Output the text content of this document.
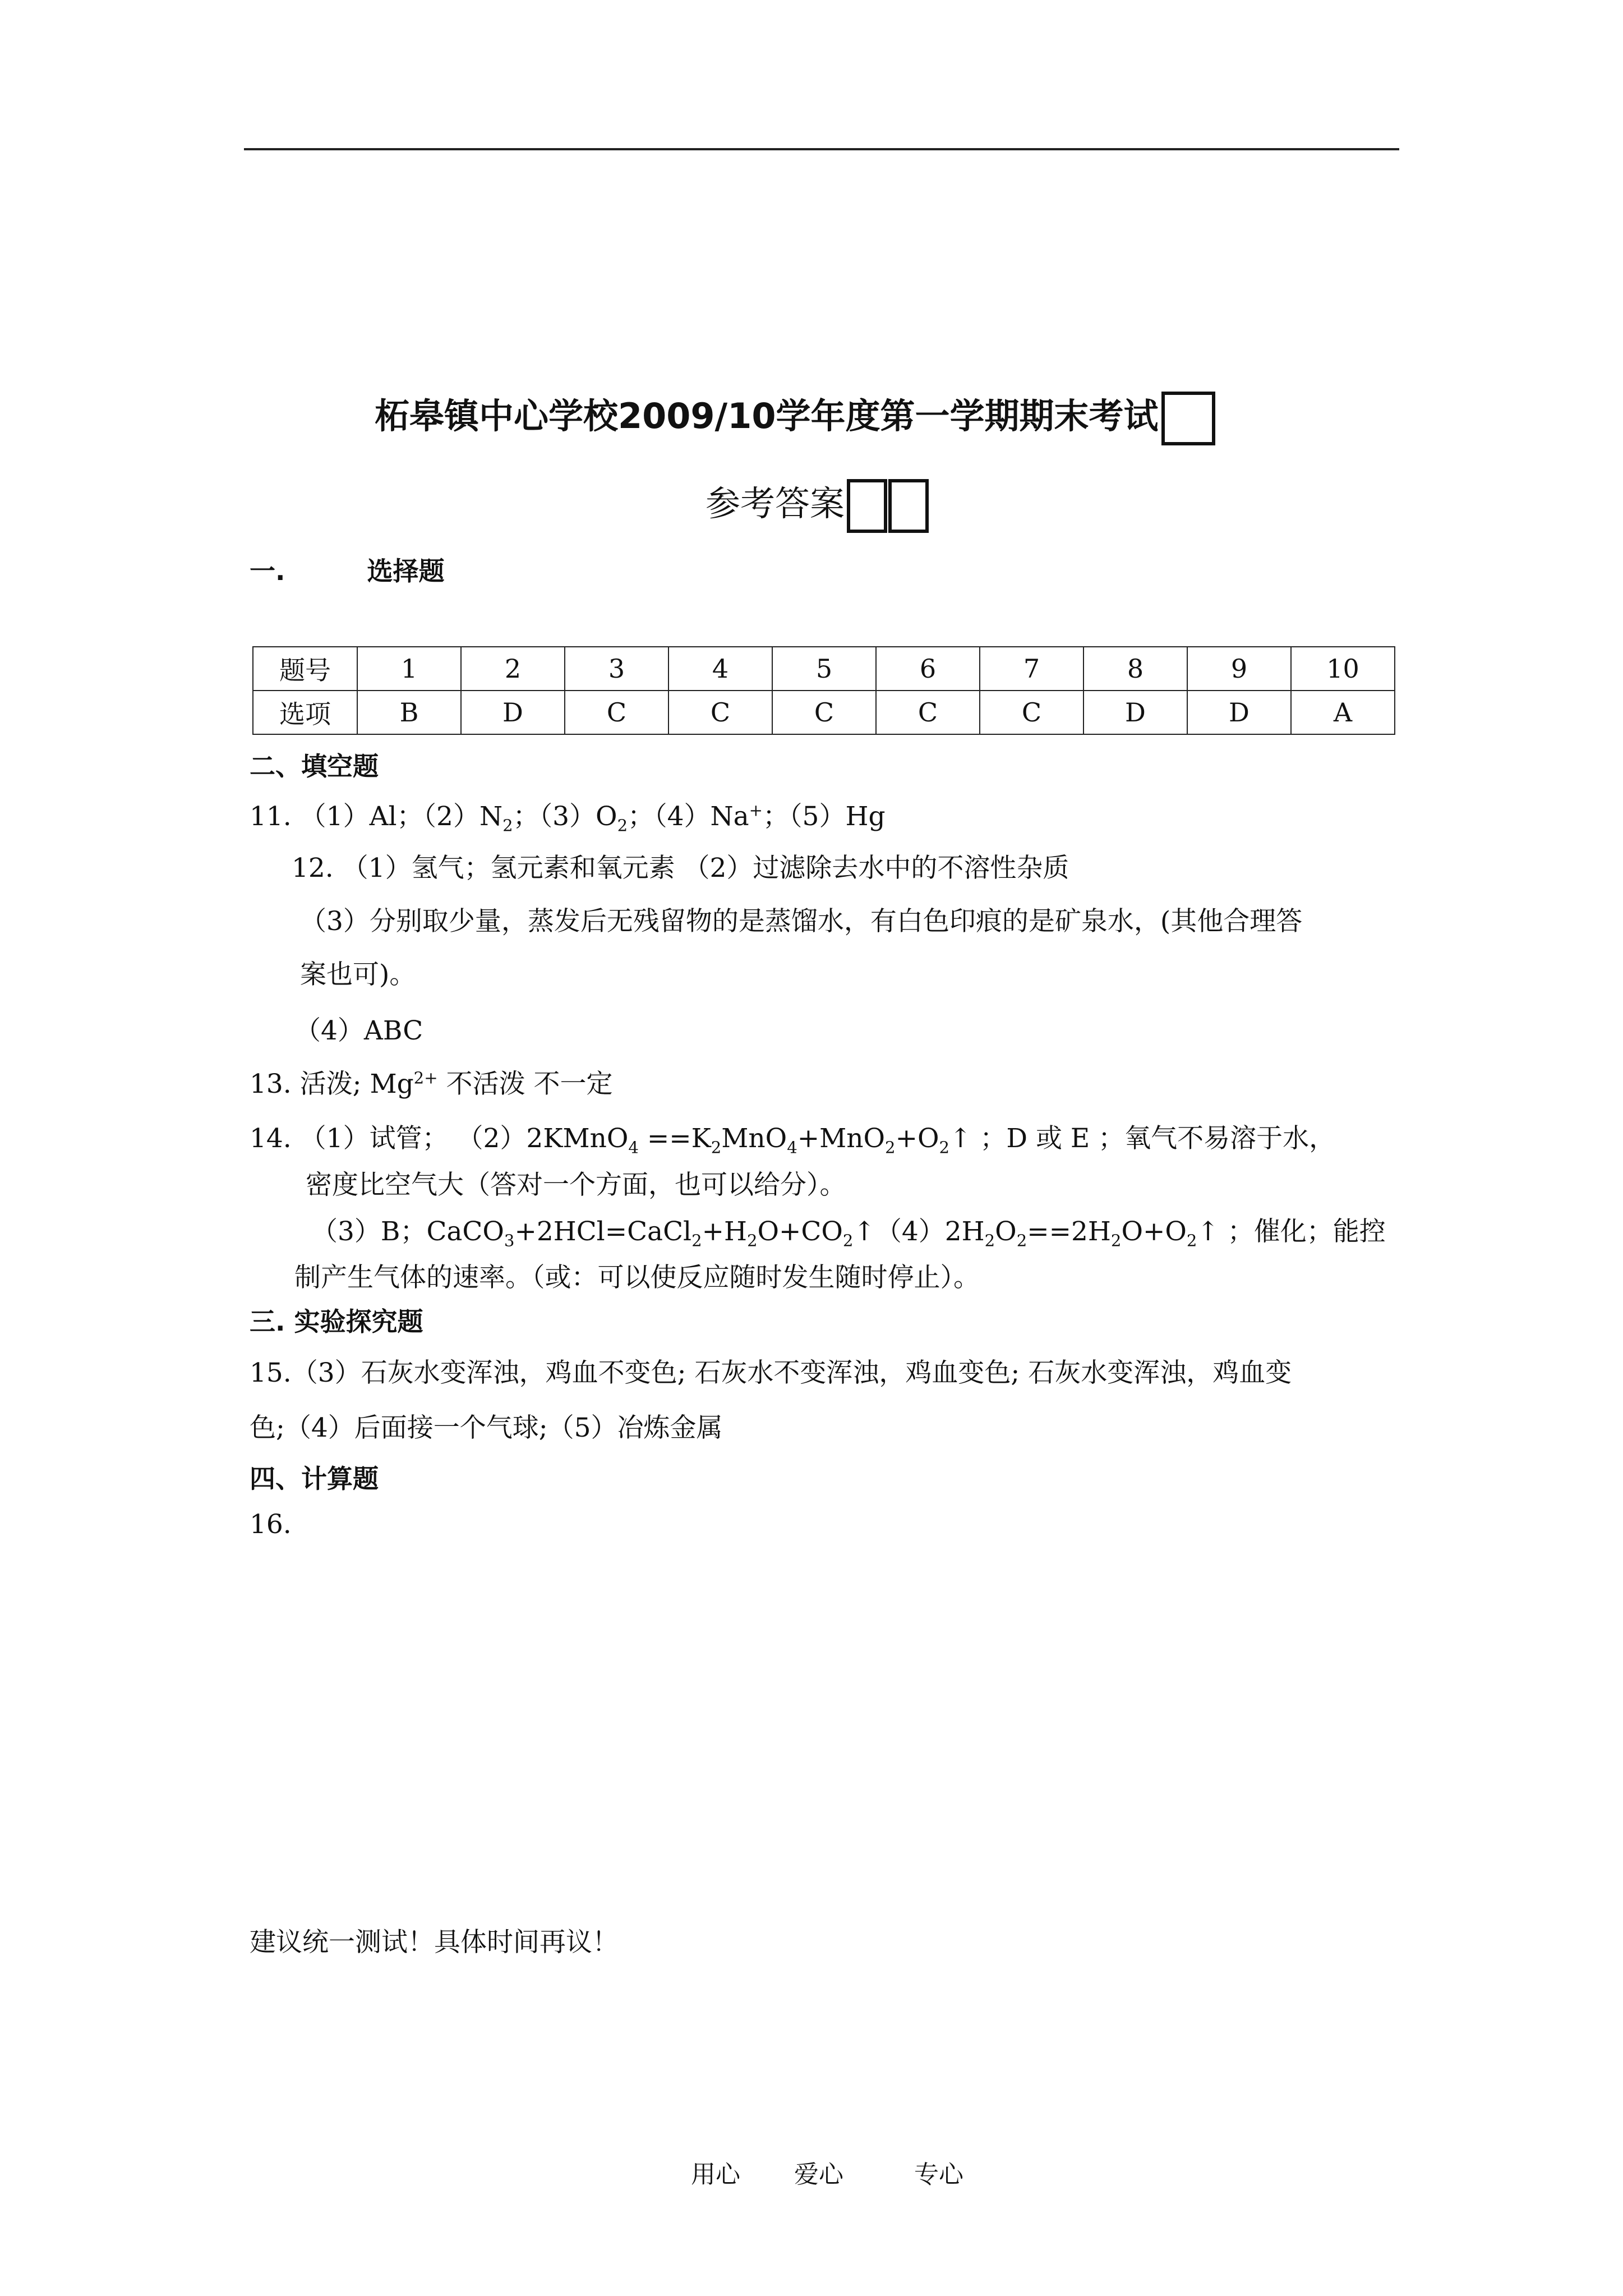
柘皋镇中心学校2009/10学年度第一学期期末考试
参考答案
一.	选择题
题号	1	2	3	4	5	6	7	8	9	10
选项	B	D	C	C	C	C	C	D	D	A
二、填空题
11. （1）Al；$(2)N_2$；$(3)O_2$；（4）Na+；（5）Hg
12. （1）氢气；氢元素和氧元素 （2）过滤除去水中的不溶性杂质
（3）分别取少量，蒸发后无残留物的是蒸馏水，有白色印痕的是矿泉水，(其他合理答
案也可)。
（4）ABC
13. 活泼; $Mg^{2+}$ 不活泼 不一定
14. （1）试管； （2）2KMnO$_4$ $==K_2MnO_4+MnO_2+O_2↑$ ；D 或 E ；氧气不易溶于水，
密度比空气大（答对一个方面，也可以给分）。
（3）B；$CaCO_3+2HCl=CaCl_2+H_2O+CO_2↑(4)2H_2O_2==2H_2O+O_2↑$ ；催化；能控
制产生气体的速率。（或：可以使反应随时发生随时停止）。
三. 实验探究题
15.（3）石灰水变浑浊，鸡血不变色; 石灰水不变浑浊，鸡血变色; 石灰水变浑浊，鸡血变
色;（4）后面接一个气球;（5）冶炼金属
四、计算题
16.
建议统一测试！具体时间再议！
用心 爱心	专心
